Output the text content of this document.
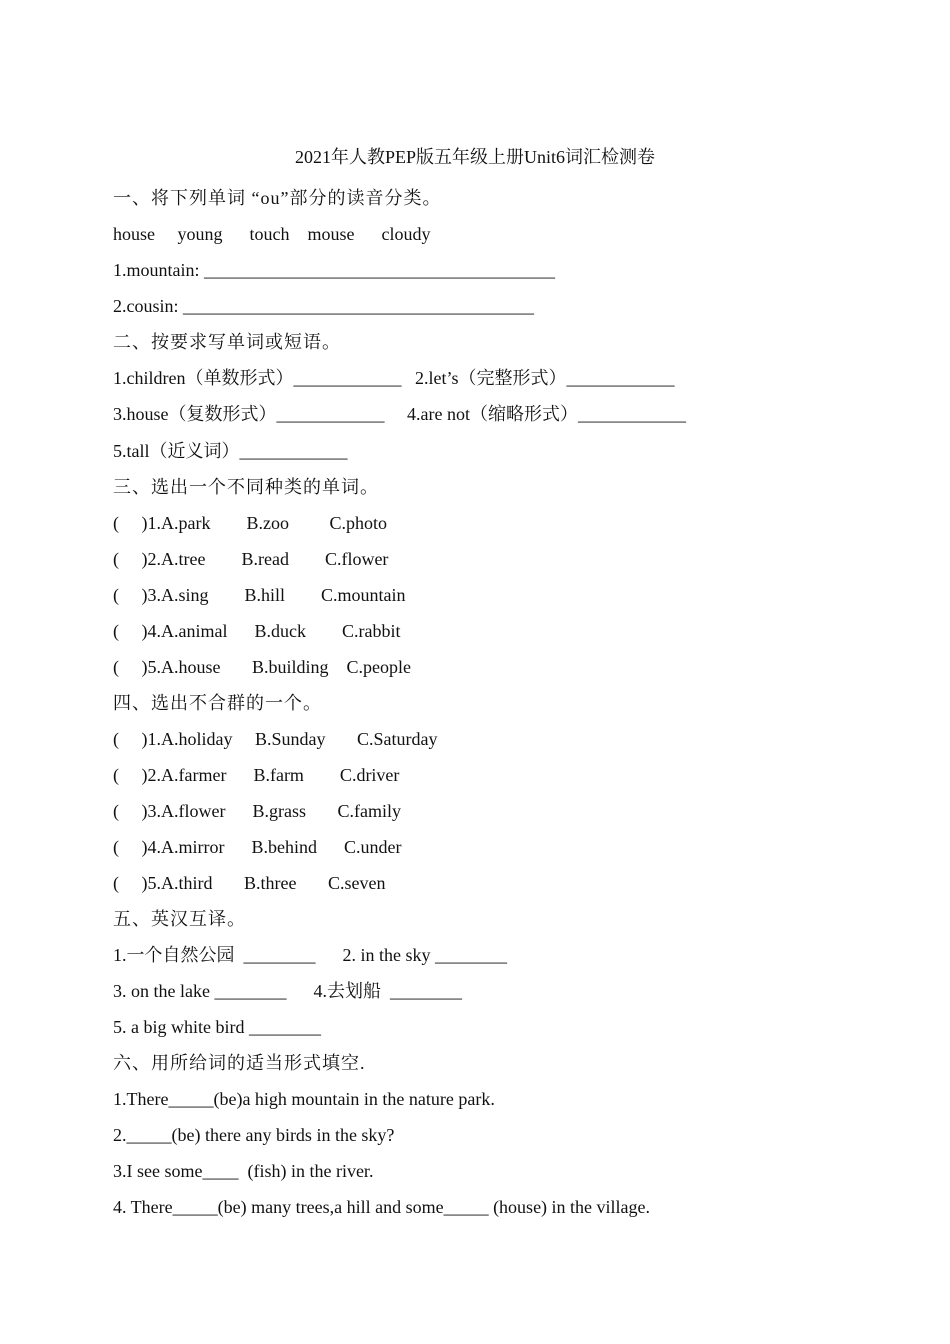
2021年人教PEP版五年级上册Unit6词汇检测卷
一、将下列单词 “ou”部分的读音分类。
house     young      touch    mouse      cloudy
1.mountain: _______________________________________
2.cousin: _______________________________________
二、按要求写单词或短语。
1.children（单数形式）____________   2.let’s（完整形式）____________
3.house（复数形式）____________     4.are not（缩略形式）____________
5.tall（近义词）____________
三、选出一个不同种类的单词。
(     )1.A.park        B.zoo         C.photo
(     )2.A.tree        B.read        C.flower
(     )3.A.sing        B.hill        C.mountain
(     )4.A.animal      B.duck        C.rabbit
(     )5.A.house       B.building    C.people
四、选出不合群的一个。
(     )1.A.holiday     B.Sunday       C.Saturday
(     )2.A.farmer      B.farm        C.driver
(     )3.A.flower      B.grass       C.family
(     )4.A.mirror      B.behind      C.under
(     )5.A.third       B.three       C.seven
五、英汉互译。
1.一个自然公园  ________      2. in the sky ________
3. on the lake ________      4.去划船  ________
5. a big white bird ________
六、用所给词的适当形式填空.
1.There_____(be)a high mountain in the nature park.
2._____(be) there any birds in the sky?
3.I see some____  (fish) in the river.
4. There_____(be) many trees,a hill and some_____ (house) in the village.
